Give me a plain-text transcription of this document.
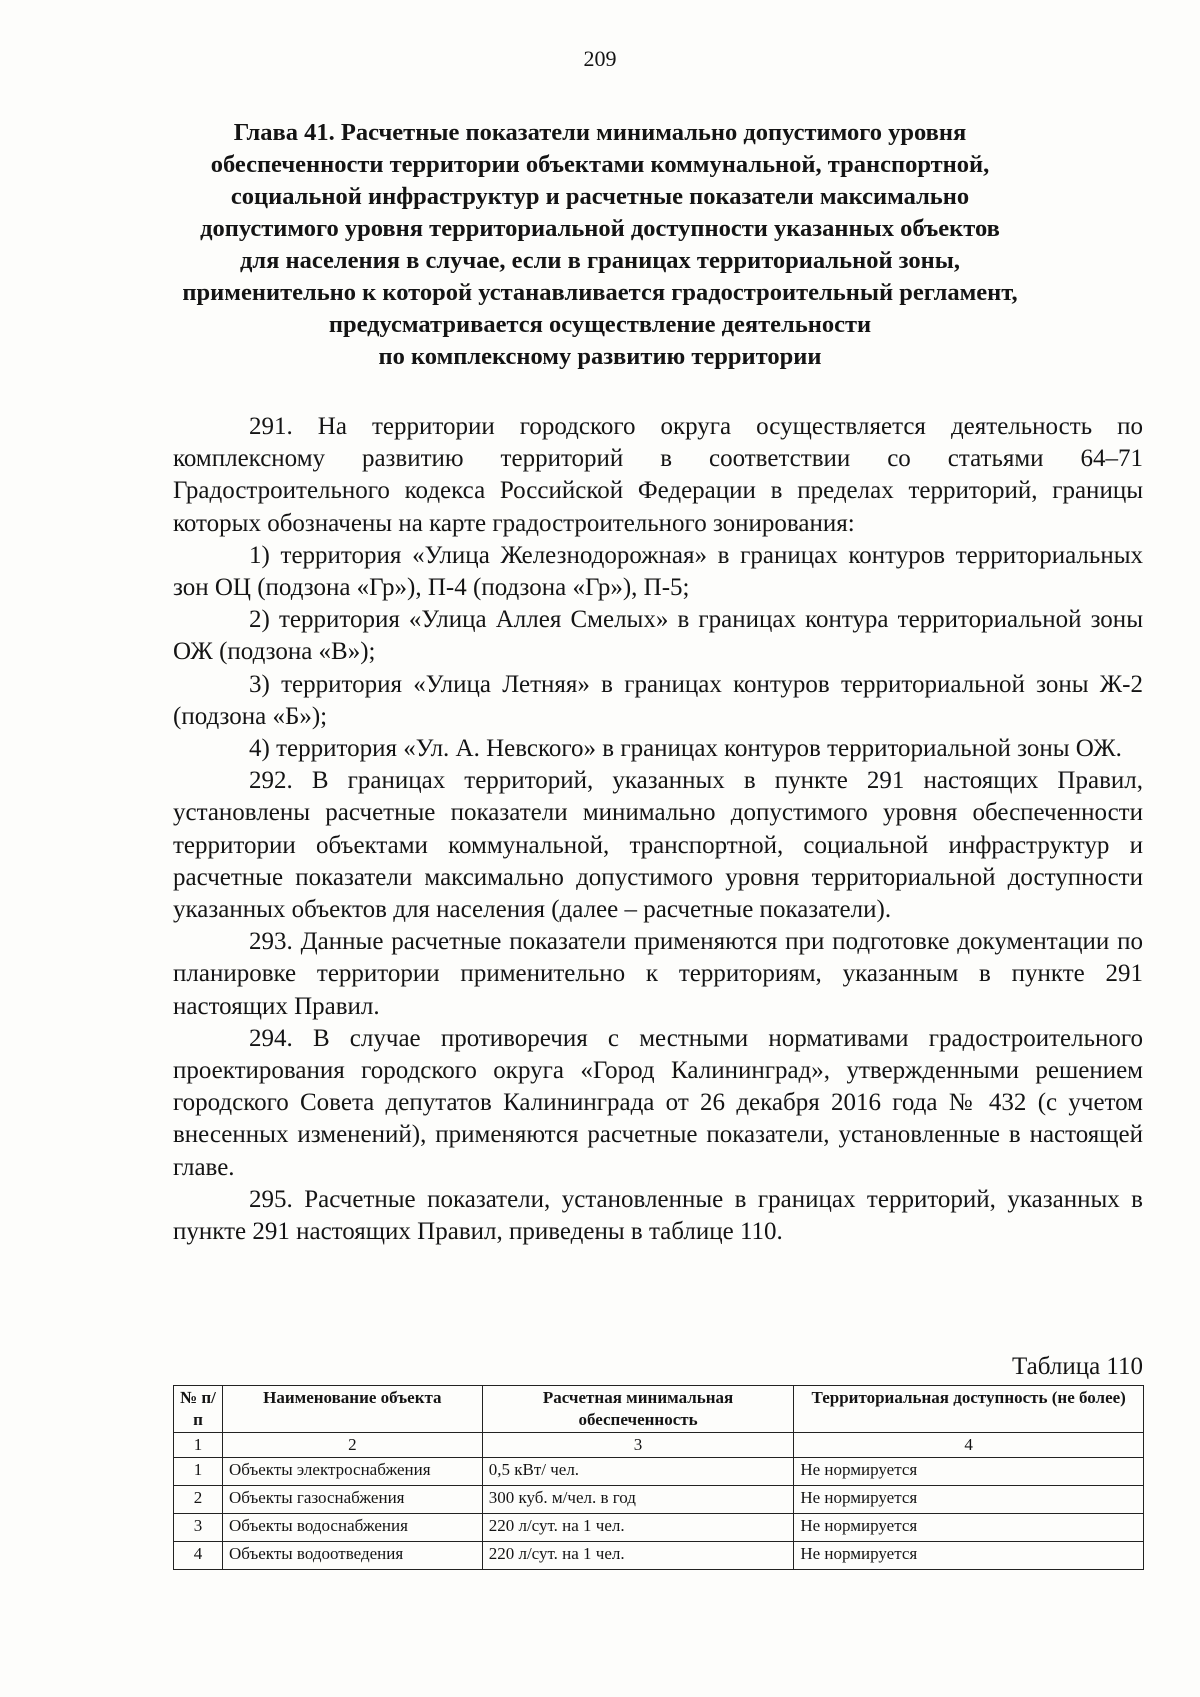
209
Глава 41. Расчетные показатели минимально допустимого уровня
обеспеченности территории объектами коммунальной, транспортной,
социальной инфраструктур и расчетные показатели максимально
допустимого уровня территориальной доступности указанных объектов
для населения в случае, если в границах территориальной зоны,
применительно к которой устанавливается градостроительный регламент,
предусматривается осуществление деятельности
по комплексному развитию территории

291. На территории городского округа осуществляется деятельность по комплексному развитию территорий в соответствии со статьями 64–71 Градостроительного кодекса Российской Федерации в пределах территорий, границы которых обозначены на карте градостроительного зонирования:

1) территория «Улица Железнодорожная» в границах контуров территориальных зон ОЦ (подзона «Гр»), П-4 (подзона «Гр»), П-5;

2) территория «Улица Аллея Смелых» в границах контура территориальной зоны ОЖ (подзона «В»);

3) территория «Улица Летняя» в границах контуров территориальной зоны Ж-2 (подзона «Б»);

4) территория «Ул. А. Невского» в границах контуров территориальной зоны ОЖ.

292. В границах территорий, указанных в пункте 291 настоящих Правил, установлены расчетные показатели минимально допустимого уровня обеспеченности территории объектами коммунальной, транспортной, социальной инфраструктур и расчетные показатели максимально допустимого уровня территориальной доступности указанных объектов для населения (далее – расчетные показатели).

293. Данные расчетные показатели применяются при подготовке документации по планировке территории применительно к территориям, указанным в пункте 291 настоящих Правил.

294. В случае противоречия с местными нормативами градостроительного проектирования городского округа «Город Калининград», утвержденными решением городского Совета депутатов Калининграда от 26 декабря 2016 года № 432 (с учетом внесенных изменений), применяются расчетные показатели, установленные в настоящей главе.

295. Расчетные показатели, установленные в границах территорий, указанных в пункте 291 настоящих Правил, приведены в таблице 110.

Таблица 110
№ п/п	Наименование объекта	Расчетная минимальная обеспеченность	Территориальная доступность (не более)
1	2	3	4
1	Объекты электроснабжения	0,5 кВт/ чел.	Не нормируется
2	Объекты газоснабжения	300 куб. м/чел. в год	Не нормируется
3	Объекты водоснабжения	220 л/сут. на 1 чел.	Не нормируется
4	Объекты водоотведения	220 л/сут. на 1 чел.	Не нормируется
